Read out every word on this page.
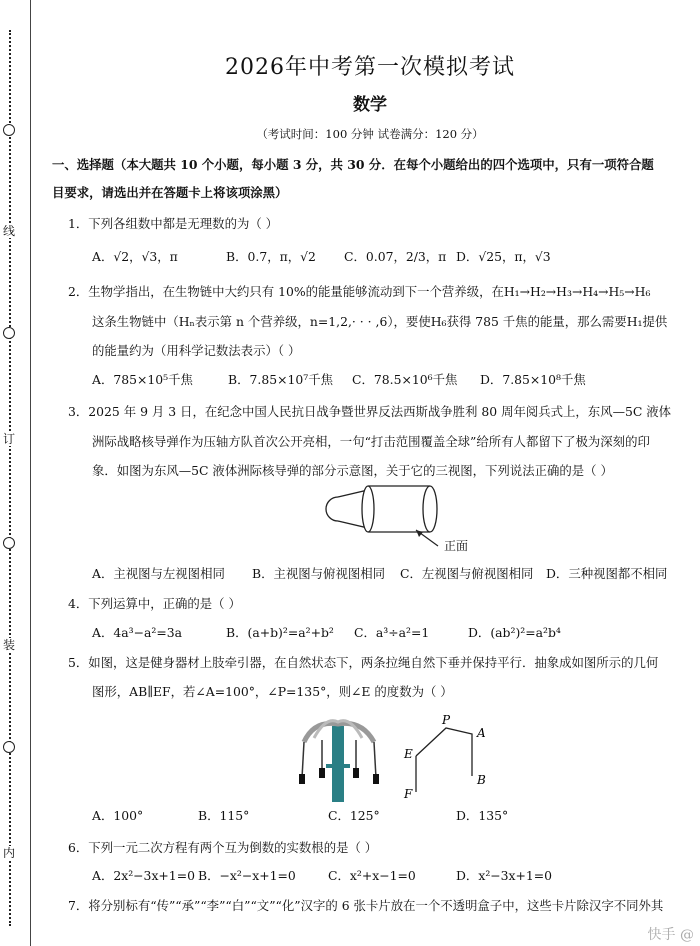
线
订
装
内
2026年中考第一次模拟考试
数学
（考试时间：100 分钟 试卷满分：120 分）
一、选择题（本大题共 10 个小题，每小题 3 分，共 30 分．在每个小题给出的四个选项中，只有一项符合题
目要求，请选出并在答题卡上将该项涂黑）
1．下列各组数中都是无理数的为（ ）
A．√2，√3，π	B．0.7，π，√2 C．0.07，2/3，π D．√25，π，√3
2．生物学指出，在生物链中大约只有 10%的能量能够流动到下一个营养级，在H₁→H₂→H₃→H₄→H₅→H₆
这条生物链中（Hₙ表示第 n 个营养级，n=1,2,· · · ,6），要使H₆获得 785 千焦的能量，那么需要H₁提供
的能量约为（用科学记数法表示）（ ）
A．785×10⁵千焦	B．7.85×10⁷千焦 C．78.5×10⁶千焦 D．7.85×10⁸千焦
3．2025 年 9 月 3 日，在纪念中国人民抗日战争暨世界反法西斯战争胜利 80 周年阅兵式上，东风—5C 液体
洲际战略核导弹作为压轴方队首次公开亮相，一句“打击范围覆盖全球”给所有人都留下了极为深刻的印
象．如图为东风—5C 液体洲际核导弹的部分示意图，关于它的三视图，下列说法正确的是（ ）
正面
A．主视图与左视图相同 B．主视图与俯视图相同 C．左视图与俯视图相同 D．三种视图都不相同
4．下列运算中，正确的是（ ）
A．4a³−a²=3a	B．(a+b)²=a²+b² C．a³÷a²=1	D．(ab²)²=a²b⁴
5．如图，这是健身器材上肢牵引器，在自然状态下，两条拉绳自然下垂并保持平行．抽象成如图所示的几何
图形，AB∥EF，若∠A=100°，∠P=135°，则∠E 的度数为（ ）
P
A
E
B
F
A．100°	B．115°	C．125°	D．135°
6．下列一元二次方程有两个互为倒数的实数根的是（ ）
A．2x²−3x+1=0 B．−x²−x+1=0	C．x²+x−1=0	D．x²−3x+1=0
7．将分别标有“传”“承”“李”“白”“文”“化”汉字的 6 张卡片放在一个不透明盒子中，这些卡片除汉字不同外其
快手 @
